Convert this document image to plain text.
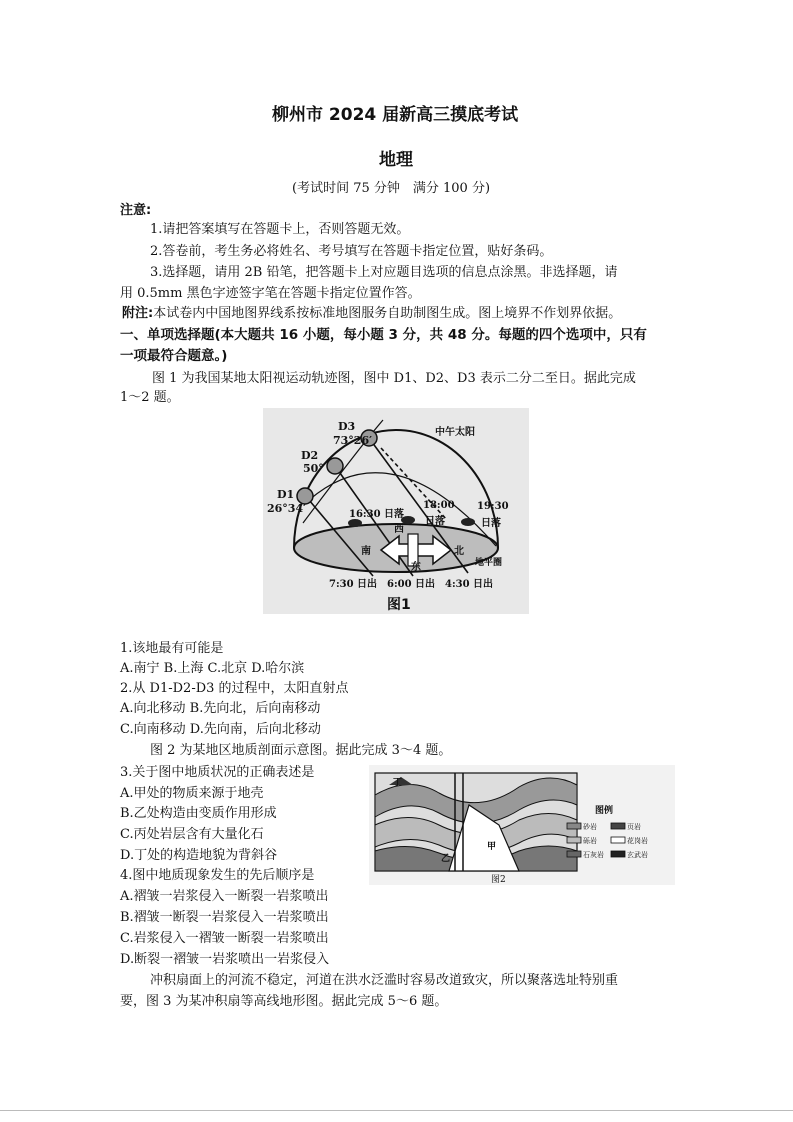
柳州市 2024 届新高三摸底考试
地理
(考试时间 75 分钟　满分 100 分)
注意:
1.请把答案填写在答题卡上，否则答题无效。
2.答卷前，考生务必将姓名、考号填写在答题卡指定位置，贴好条码。
3.选择题，请用 2B 铅笔，把答题卡上对应题目选项的信息点涂黑。非选择题，请
用 0.5mm 黑色字迹签字笔在答题卡指定位置作答。
附注:本试卷内中国地图界线系按标准地图服务自助制图生成。图上境界不作划界依据。
一、单项选择题(本大题共 16 小题，每小题 3 分，共 48 分。每题的四个选项中，只有
一项最符合题意。)
图 1 为我国某地太阳视运动轨迹图，图中 D1、D2、D3 表示二分二至日。据此完成
1～2 题。
中午太阳
D3
73°26′
D2
50°
D1
26°34′	16:30 日落
18:00
日落
19:30
日落
西
南	北
东	地平圈
7:30 日出 6:00 日出 4:30 日出
图1
1.该地最有可能是
A.南宁 B.上海 C.北京 D.哈尔滨
2.从 D1-D2-D3 的过程中，太阳直射点
A.向北移动 B.先向北，后向南移动
C.向南移动 D.先向南，后向北移动
图 2 为某地区地质剖面示意图。据此完成 3～4 题。
3.关于图中地质状况的正确表述是
A.甲处的物质来源于地壳
B.乙处构造由变质作用形成
C.丙处岩层含有大量化石
D.丁处的构造地貌为背斜谷
4.图中地质现象发生的先后顺序是
A.褶皱一岩浆侵入一断裂一岩浆喷出
B.褶皱一断裂一岩浆侵入一岩浆喷出
C.岩浆侵入一褶皱一断裂一岩浆喷出
D.断裂一褶皱一岩浆喷出一岩浆侵入
丁
甲
乙
图例
砂岩	页岩
砾岩	花岗岩
石灰岩	玄武岩
图2
冲积扇面上的河流不稳定，河道在洪水泛滥时容易改道致灾，所以聚落选址特别重
要，图 3 为某冲积扇等高线地形图。据此完成 5～6 题。
